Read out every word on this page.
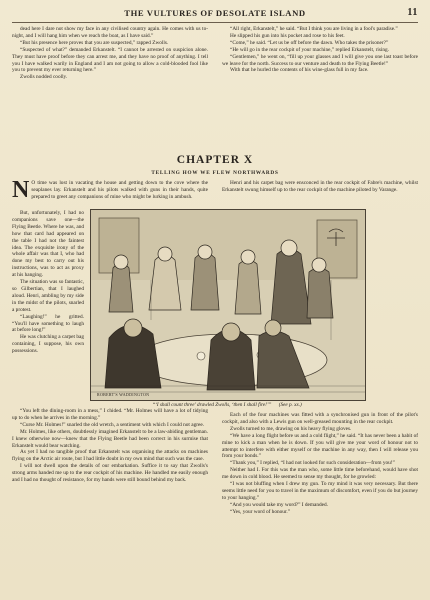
THE VULTURES OF DESOLATE ISLAND	11

dead here I dare not show my face in any civilised country again. He comes with us to-night, and I will hang him when we reach the boat, as I have said.”

“But his presence here proves that you are suspected,” rapped Zwolls.

“Suspected of what?” demanded Erkanstelt. “I cannot be arrested on suspicion alone. They must have proof before they can arrest me, and they have no proof of anything. I tell you I have walked warily in England and I am not going to allow a cold-blooded fool like you to prevent my ever returning here.”

Zwolls nodded coolly.

“All right, Erkanstelt,” he said. “But I think you are living in a fool's paradise.”

He slipped his gun into his pocket and rose to his feet.

“Come,” he said. “Let us be off before the dawn. Who takes the prisoner?”

“He will go in the rear cockpit of your machine,” replied Erkanstelt, rising.

“Gentlemen,” he went on, “fill up your glasses and I will give you one last toast before we leave for the north. Success to our venture and death to the Flying Beetle!”

With that he hurled the contents of his wine-glass full in my face.

CHAPTER X
TELLING HOW WE FLEW NORTHWARDS
N O time was lost in vacating the house and getting down to the cove where the seaplanes lay. Erkanstelt and his pilots walked with guns in their hands, quite prepared to greet any companions of mine who might be lurking in ambush.

But, unfortunately, I had no companions save one—the Flying Beetle. Where he was, and how that card had appeared on the table I had not the faintest idea. The exquisite irony of the whole affair was that I, who had done my best to carry out his instructions, was to act as proxy at his hanging.

The situation was so fantastic, so Gilbertian, that I laughed aloud. Henri, ambling by my side in the midst of the pilots, snarled a protest.

“Laughing!” he gritted. “You'll have something to laugh at before long!”

He was clutching a carpet bag containing, I suppose, his own possessions.

Henri and his carpet bag were ensconced in the rear cockpit of Fabre's machine, whilst Erkanstelt swung himself up to the rear cockpit of the machine piloted by Varange.

ROBERT'S WADDINGTON
“‘I shall count three’ drawled Zwolls, ‘then I shall fire!’” (See p. xx.)

“You left the dining-room in a mess,” I chided. “Mr. Holmes will have a lot of tidying up to do when he arrives in the morning.”

“Curse Mr. Holmes!” snarled the old wretch, a sentiment with which I could not agree.

Mr. Holmes, like others, doubtlessly imagined Erkanstelt to be a law-abiding gentleman. I knew otherwise now—knew that the Flying Beetle had been correct in his surmise that Erkanstelt would bear watching.

As yet I had no tangible proof that Erkanstelt was organising the attacks on machines flying on the Arctic air route, but I had little doubt in my own mind that such was the case.

I will not dwell upon the details of our embarkation. Suffice it to say that Zwolls's strong arms handed me up to the rear cockpit of his machine. He handled me easily enough and I had no thought of resistance, for my hands were still bound behind my back.

Each of the four machines was fitted with a synchronised gun in front of the pilot's cockpit, and also with a Lewis gun on well-greased mounting in the rear cockpit.

Zwolls turned to me, drawing on his heavy flying gloves.

“We have a long flight before us and a cold flight,” he said. “It has never been a habit of mine to kick a man when he is down. If you will give me your word of honour not to attempt to interfere with either myself or the machine in any way, then I will release you from your bonds.”

“Thank you,” I replied, “I had not looked for such consideration—from you!”

Neither had I. For this was the man who, some little time beforehand, would have shot me down in cold blood. He seemed to sense my thought, for he growled:

“I was not bluffing when I drew my gun. To my mind it was very necessary. But there seems little need for you to travel in the maximum of discomfort, even if you do but journey to your hanging.”

“And you would take my word?” I demanded.

“Yes, your word of honour.”
